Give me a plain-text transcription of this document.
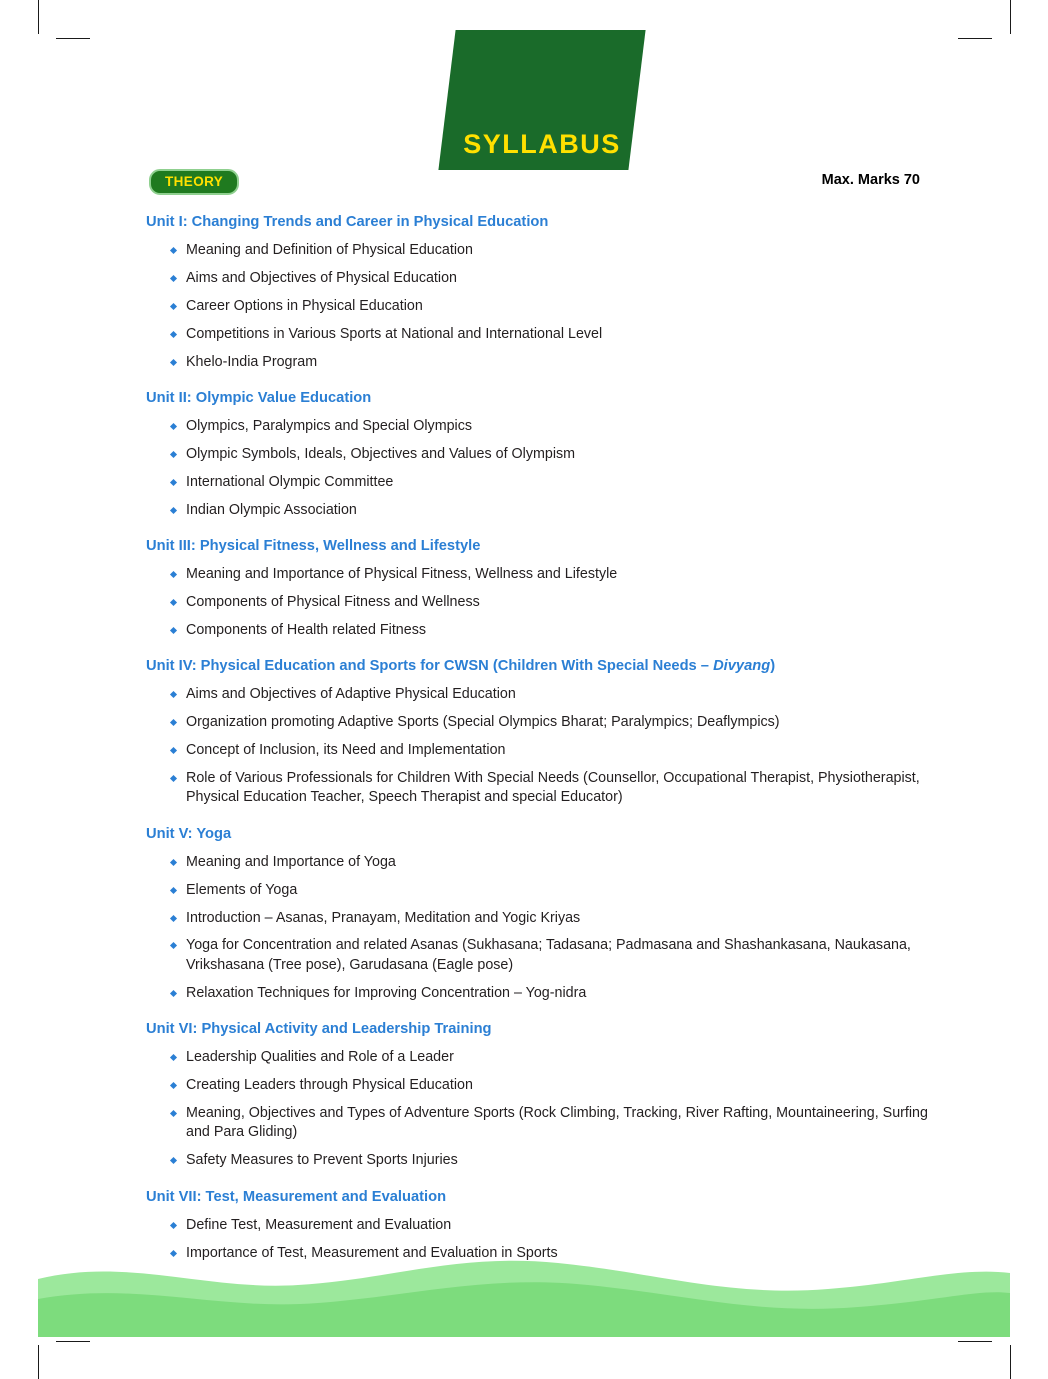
SYLLABUS
THEORY	Max. Marks 70
Unit I: Changing Trends and Career in Physical Education
Meaning and Definition of Physical Education
Aims and Objectives of Physical Education
Career Options in Physical Education
Competitions in Various Sports at National and International Level
Khelo-India Program
Unit II: Olympic Value Education
Olympics, Paralympics and Special Olympics
Olympic Symbols, Ideals, Objectives and Values of Olympism
International Olympic Committee
Indian Olympic Association
Unit III: Physical Fitness, Wellness and Lifestyle
Meaning and Importance of Physical Fitness, Wellness and Lifestyle
Components of Physical Fitness and Wellness
Components of Health related Fitness
Unit IV: Physical Education and Sports for CWSN (Children With Special Needs – Divyang)
Aims and Objectives of Adaptive Physical Education
Organization promoting Adaptive Sports (Special Olympics Bharat; Paralympics; Deaflympics)
Concept of Inclusion, its Need and Implementation
Role of Various Professionals for Children With Special Needs (Counsellor, Occupational Therapist, Physiotherapist, Physical Education Teacher, Speech Therapist and special Educator)
Unit V: Yoga
Meaning and Importance of Yoga
Elements of Yoga
Introduction – Asanas, Pranayam, Meditation and Yogic Kriyas
Yoga for Concentration and related Asanas (Sukhasana; Tadasana; Padmasana and Shashankasana, Naukasana, Vrikshasana (Tree pose), Garudasana (Eagle pose)
Relaxation Techniques for Improving Concentration – Yog-nidra
Unit VI: Physical Activity and Leadership Training
Leadership Qualities and Role of a Leader
Creating Leaders through Physical Education
Meaning, Objectives and Types of Adventure Sports (Rock Climbing, Tracking, River Rafting, Mountaineering, Surfing and Para Gliding)
Safety Measures to Prevent Sports Injuries
Unit VII: Test, Measurement and Evaluation
Define Test, Measurement and Evaluation
Importance of Test, Measurement and Evaluation in Sports
